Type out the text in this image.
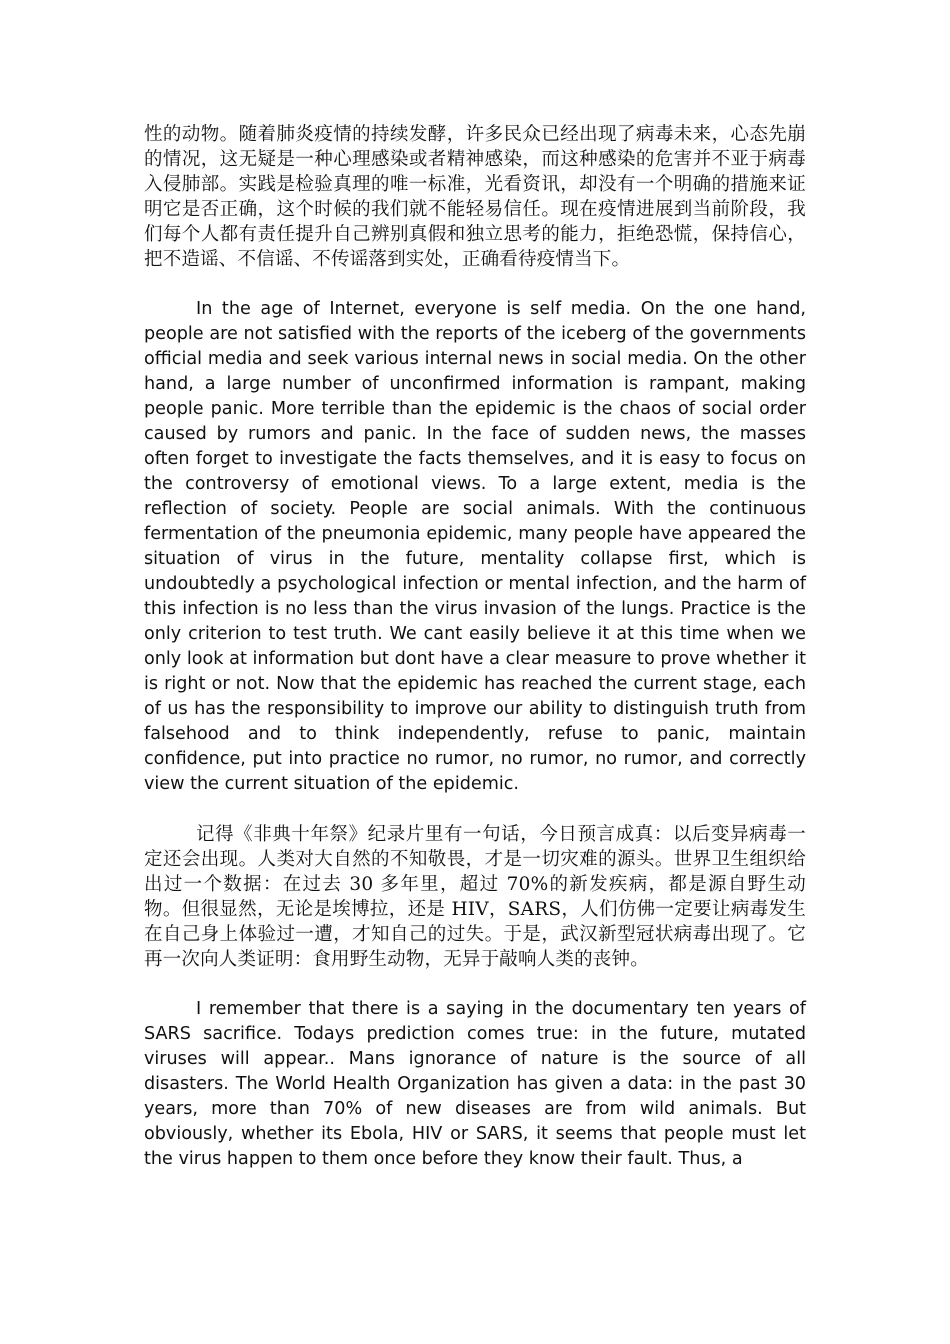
性的动物。随着肺炎疫情的持续发酵，许多民众已经出现了病毒未来，心态先崩的情况，这无疑是一种心理感染或者精神感染，而这种感染的危害并不亚于病毒入侵肺部。实践是检验真理的唯一标准，光看资讯，却没有一个明确的措施来证明它是否正确，这个时候的我们就不能轻易信任。现在疫情进展到当前阶段，我们每个人都有责任提升自己辨别真假和独立思考的能力，拒绝恐慌，保持信心，把不造谣、不信谣、不传谣落到实处，正确看待疫情当下。

In the age of Internet, everyone is self media. On the one hand, people are not satisfied with the reports of the iceberg of the governments official media and seek various internal news in social media. On the other hand, a large number of unconfirmed information is rampant, making people panic. More terrible than the epidemic is the chaos of social order caused by rumors and panic. In the face of sudden news, the masses often forget to investigate the facts themselves, and it is easy to focus on the controversy of emotional views. To a large extent, media is the reflection of society. People are social animals. With the continuous fermentation of the pneumonia epidemic, many people have appeared the situation of virus in the future, mentality collapse first, which is undoubtedly a psychological infection or mental infection, and the harm of this infection is no less than the virus invasion of the lungs. Practice is the only criterion to test truth. We cant easily believe it at this time when we only look at information but dont have a clear measure to prove whether it is right or not. Now that the epidemic has reached the current stage, each of us has the responsibility to improve our ability to distinguish truth from falsehood and to think independently, refuse to panic, maintain confidence, put into practice no rumor, no rumor, no rumor, and correctly view the current situation of the epidemic.

记得《非典十年祭》纪录片里有一句话，今日预言成真：以后变异病毒一定还会出现。人类对大自然的不知敬畏，才是一切灾难的源头。世界卫生组织给出过一个数据：在过去 30 多年里，超过 70%的新发疾病，都是源自野生动物。但很显然，无论是埃博拉，还是 HIV，SARS，人们仿佛一定要让病毒发生在自己身上体验过一遭，才知自己的过失。于是，武汉新型冠状病毒出现了。它再一次向人类证明：食用野生动物，无异于敲响人类的丧钟。

I remember that there is a saying in the documentary ten years of SARS sacrifice. Todays prediction comes true: in the future, mutated viruses will appear.. Mans ignorance of nature is the source of all disasters. The World Health Organization has given a data: in the past 30 years, more than 70% of new diseases are from wild animals. But obviously, whether its Ebola, HIV or SARS, it seems that people must let the virus happen to them once before they know their fault. Thus, a
